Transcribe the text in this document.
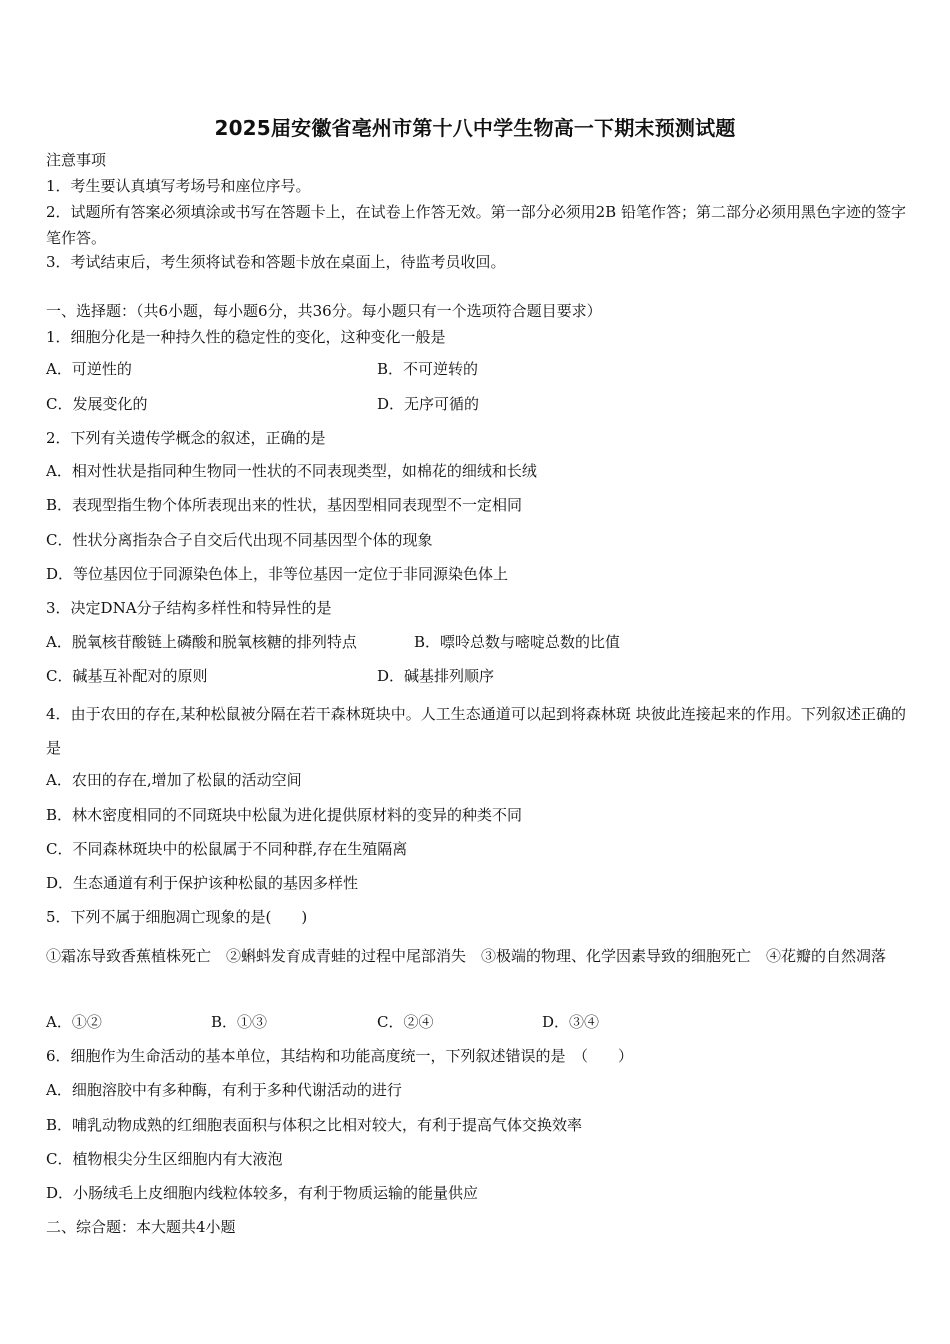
2025届安徽省亳州市第十八中学生物高一下期末预测试题
注意事项
1．考生要认真填写考场号和座位序号。
2．试题所有答案必须填涂或书写在答题卡上，在试卷上作答无效。第一部分必须用2B 铅笔作答；第二部分必须用黑色字迹的签字笔作答。
3．考试结束后，考生须将试卷和答题卡放在桌面上，待监考员收回。
一、选择题：（共6小题，每小题6分，共36分。每小题只有一个选项符合题目要求）
1．细胞分化是一种持久性的稳定性的变化，这种变化一般是
A．可逆性的	B．不可逆转的
C．发展变化的	D．无序可循的
2．下列有关遗传学概念的叙述，正确的是
A．相对性状是指同种生物同一性状的不同表现类型，如棉花的细绒和长绒
B．表现型指生物个体所表现出来的性状，基因型相同表现型不一定相同
C．性状分离指杂合子自交后代出现不同基因型个体的现象
D．等位基因位于同源染色体上，非等位基因一定位于非同源染色体上
3．决定DNA分子结构多样性和特异性的是
A．脱氧核苷酸链上磷酸和脱氧核糖的排列特点	B．嘌呤总数与嘧啶总数的比值
C．碱基互补配对的原则	D．碱基排列顺序
4．由于农田的存在,某种松鼠被分隔在若干森林斑块中。人工生态通道可以起到将森林斑 块彼此连接起来的作用。下列叙述正确的是
A．农田的存在,增加了松鼠的活动空间
B．林木密度相同的不同斑块中松鼠为进化提供原材料的变异的种类不同
C．不同森林斑块中的松鼠属于不同种群,存在生殖隔离
D．生态通道有利于保护该种松鼠的基因多样性
5．下列不属于细胞凋亡现象的是(　　)
①霜冻导致香蕉植株死亡　②蝌蚪发育成青蛙的过程中尾部消失　③极端的物理、化学因素导致的细胞死亡　④花瓣的自然凋落
A．①②	B．①③	C．②④	D．③④
6．细胞作为生命活动的基本单位，其结构和功能高度统一，下列叙述错误的是　（　　）
A．细胞溶胶中有多种酶，有利于多种代谢活动的进行
B．哺乳动物成熟的红细胞表面积与体积之比相对较大，有利于提高气体交换效率
C．植物根尖分生区细胞内有大液泡
D．小肠绒毛上皮细胞内线粒体较多，有利于物质运输的能量供应
二、综合题：本大题共4小题
